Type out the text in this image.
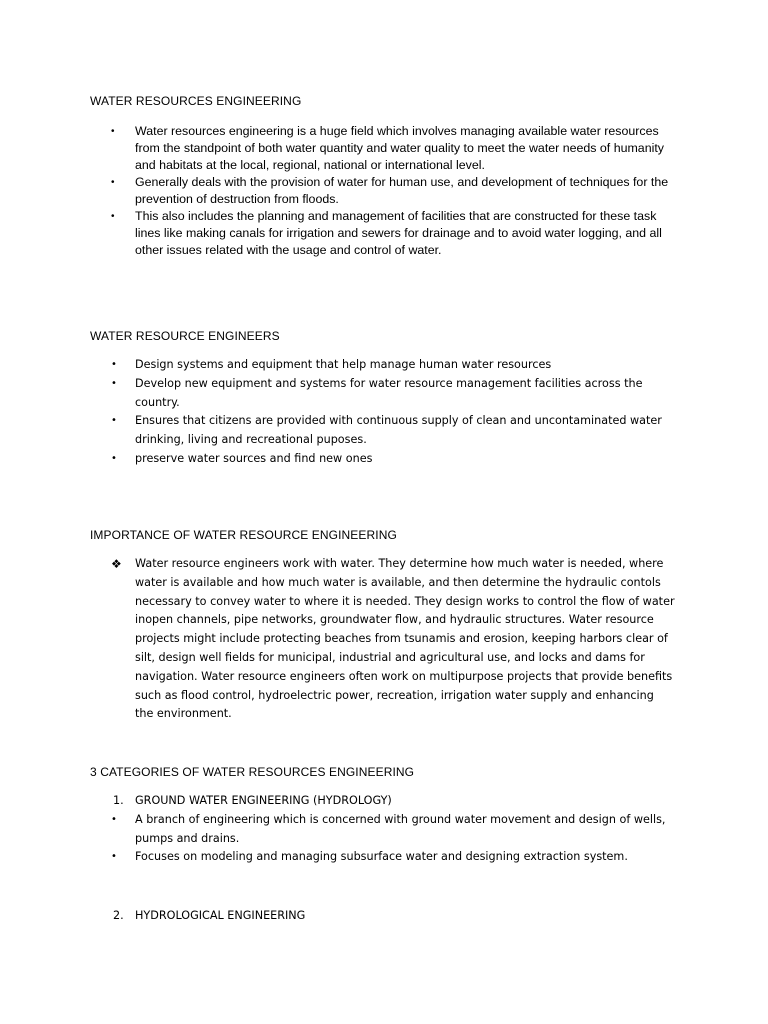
WATER RESOURCES ENGINEERING
• Water resources engineering is a huge field which involves managing available water resources from the standpoint of both water quantity and water quality to meet the water needs of humanity and habitats at the local, regional, national or international level.
• Generally deals with the provision of water for human use, and development of techniques for the prevention of destruction from floods.
• This also includes the planning and management of facilities that are constructed for these task lines like making canals for irrigation and sewers for drainage and to avoid water logging, and all other issues related with the usage and control of water.
WATER RESOURCE ENGINEERS
• Design systems and equipment that help manage human water resources
• Develop new equipment and systems for water resource management facilities across the country.
• Ensures that citizens are provided with continuous supply of clean and uncontaminated water drinking, living and recreational puposes.
• preserve water sources and find new ones
IMPORTANCE OF WATER RESOURCE ENGINEERING
❖ Water resource engineers work with water. They determine how much water is needed, where water is available and how much water is available, and then determine the hydraulic contols necessary to convey water to where it is needed. They design works to control the flow of water inopen channels, pipe networks, groundwater flow, and hydraulic structures. Water resource projects might include protecting beaches from tsunamis and erosion, keeping harbors clear of silt, design well fields for municipal, industrial and agricultural use, and locks and dams for navigation. Water resource engineers often work on multipurpose projects that provide benefits such as flood control, hydroelectric power, recreation, irrigation water supply and enhancing the environment.
3 CATEGORIES OF WATER RESOURCES ENGINEERING
1. GROUND WATER ENGINEERING (HYDROLOGY)
• A branch of engineering which is concerned with ground water movement and design of wells, pumps and drains.
• Focuses on modeling and managing subsurface water and designing extraction system.
2. HYDROLOGICAL ENGINEERING
